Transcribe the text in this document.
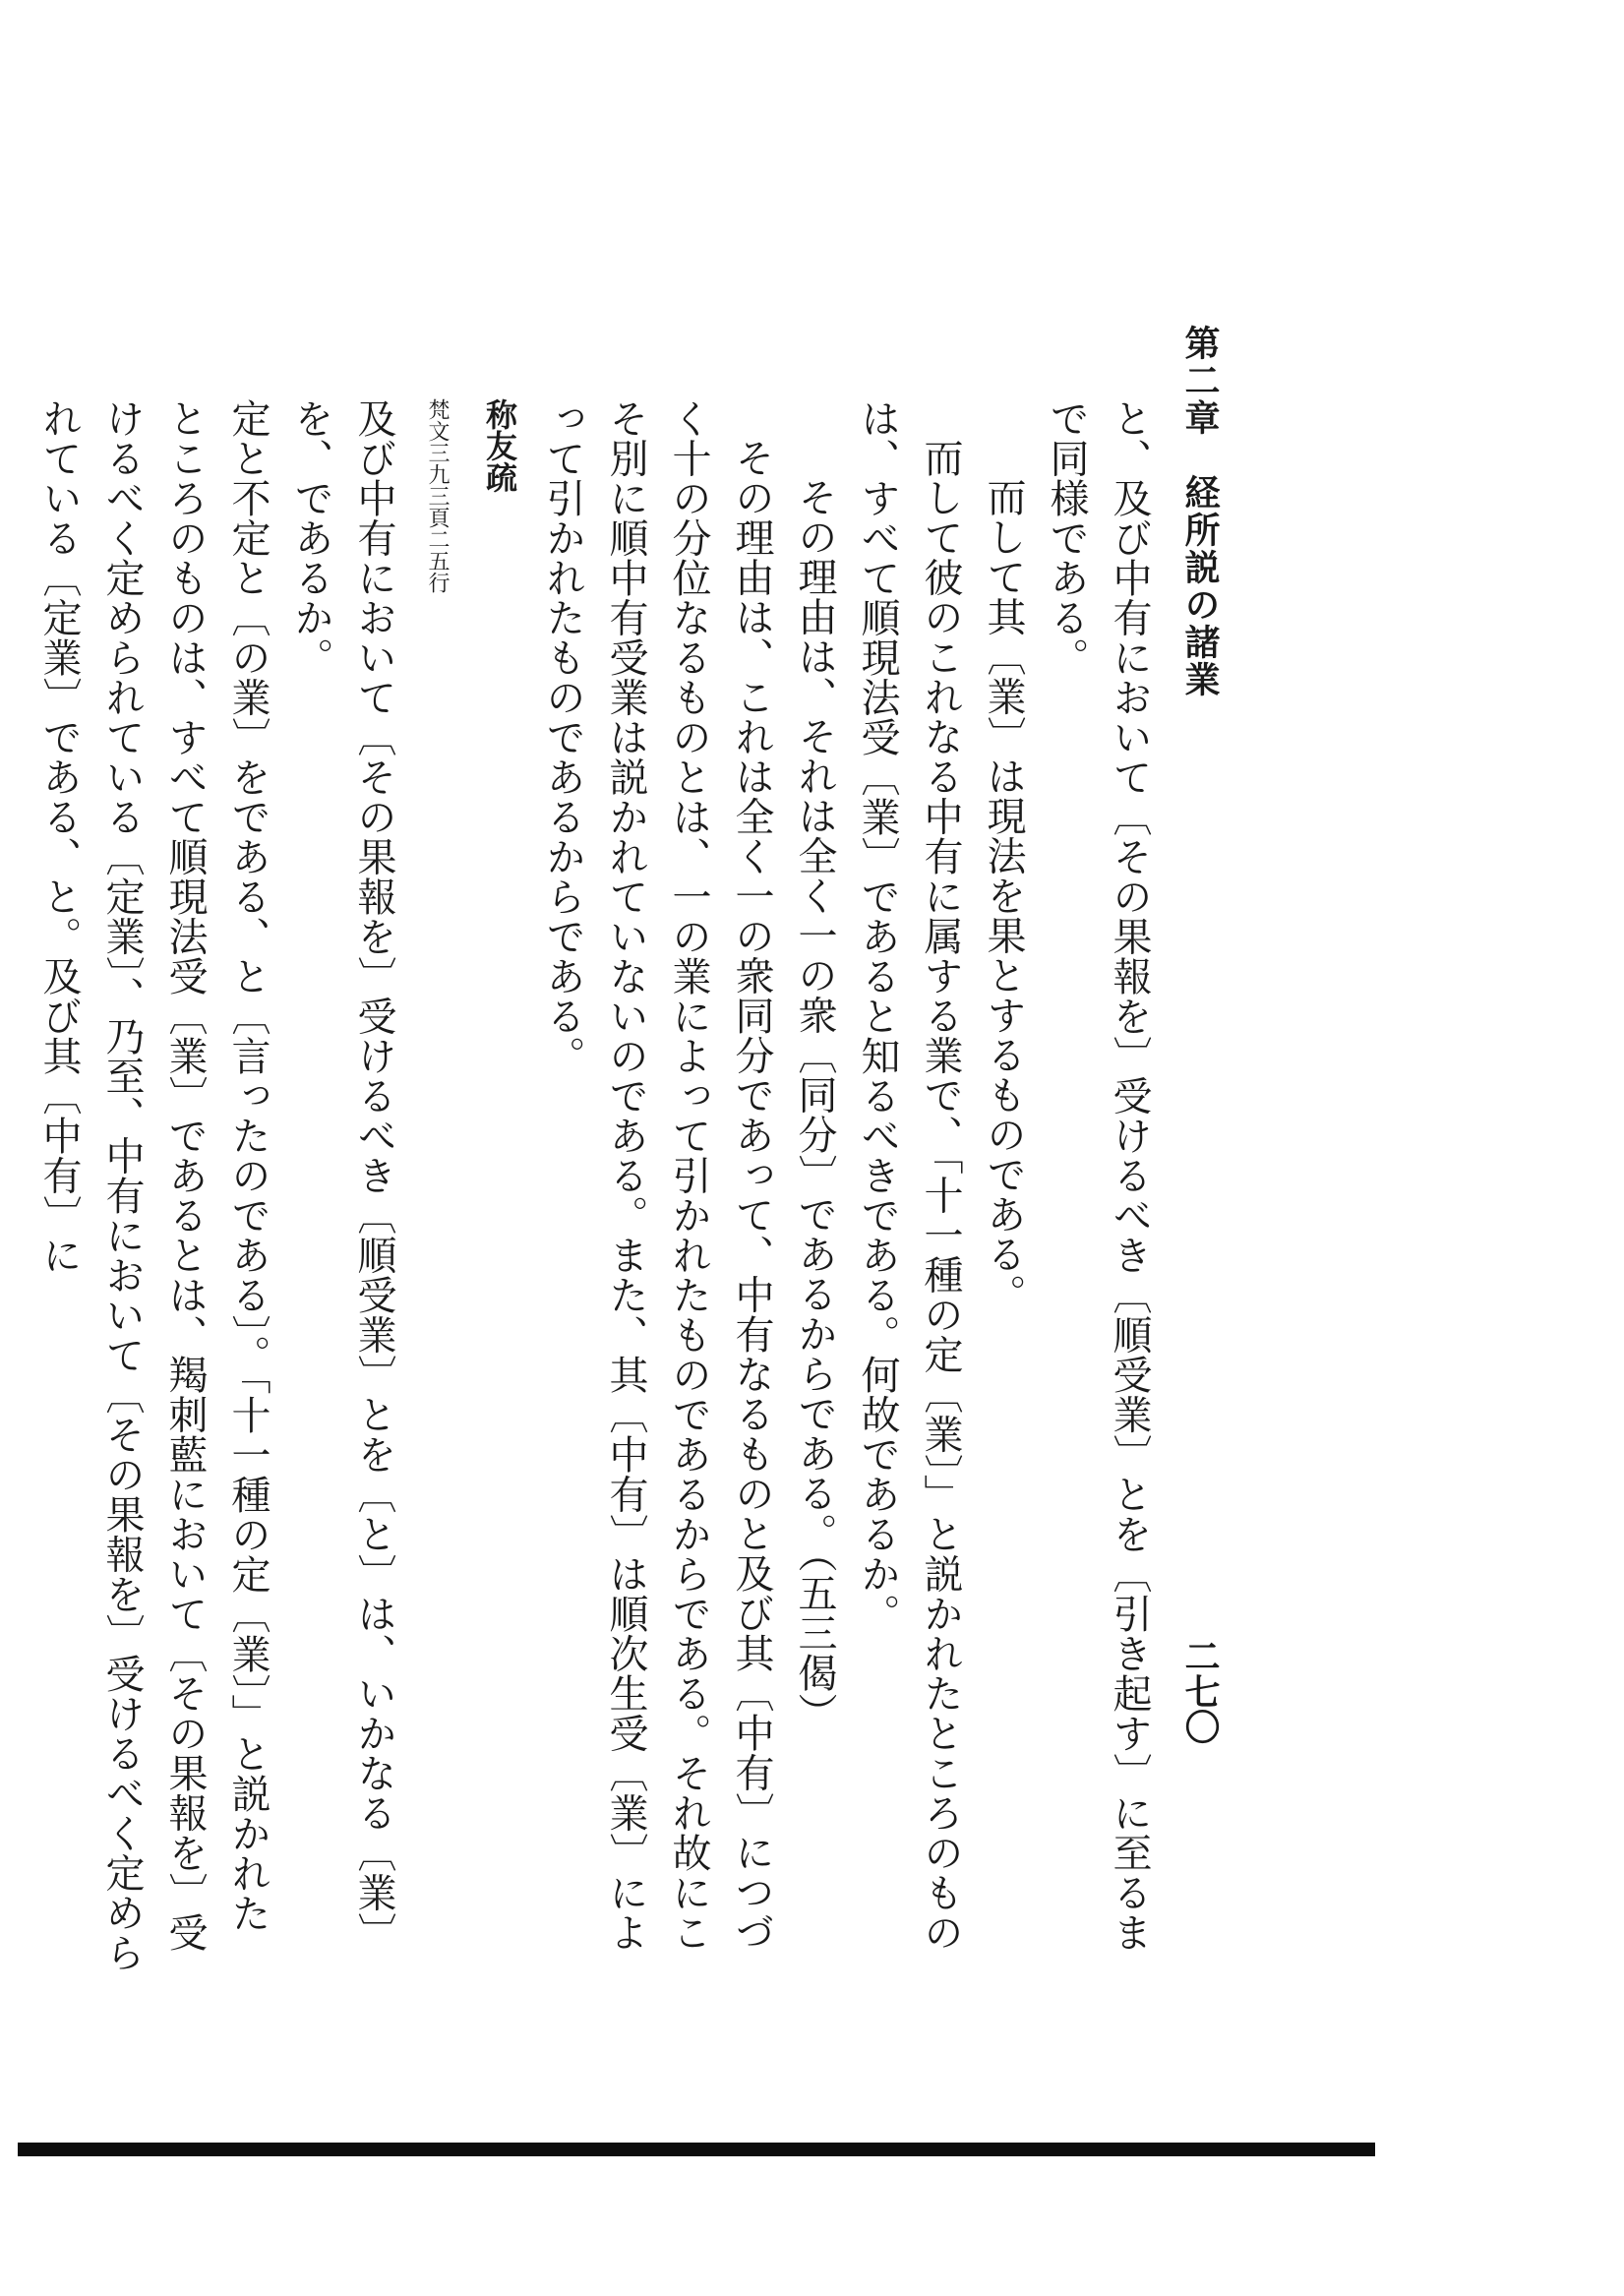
第二章　経所説の諸業
二七〇

と、及び中有において〔その果報を〕受けるべき〔順受業〕とを〔引き起す〕に至るまで同様である。

而して其〔業〕は現法を果とするものである。

而して彼のこれなる中有に属する業で、「十一種の定〔業〕」と説かれたところのものは、すべて順現法受〔業〕であると知るべきである。何故であるか。

その理由は、それは全く一の衆〔同分〕であるからである。（五三偈）

その理由は、これは全く一の衆同分であって、中有なるものと及び其〔中有〕につづく十の分位なるものとは、一の業によって引かれたものであるからである。それ故にこそ別に順中有受業は説かれていないのである。また、其〔中有〕は順次生受〔業〕によって引かれたものであるからである。

称友疏
梵文三九三頁二五行

及び中有において〔その果報を〕受けるべき〔順受業〕とを〔と〕は、いかなる〔業〕を、であるか。

定と不定と〔の業〕をである、と〔言ったのである〕。「十一種の定〔業〕」と説かれたところのものは、すべて順現法受〔業〕であるとは、羯刺藍において〔その果報を〕受けるべく定められている〔定業〕、乃至、中有において〔その果報を〕受けるべく定められている〔定業〕である、と。及び其〔中有〕に
